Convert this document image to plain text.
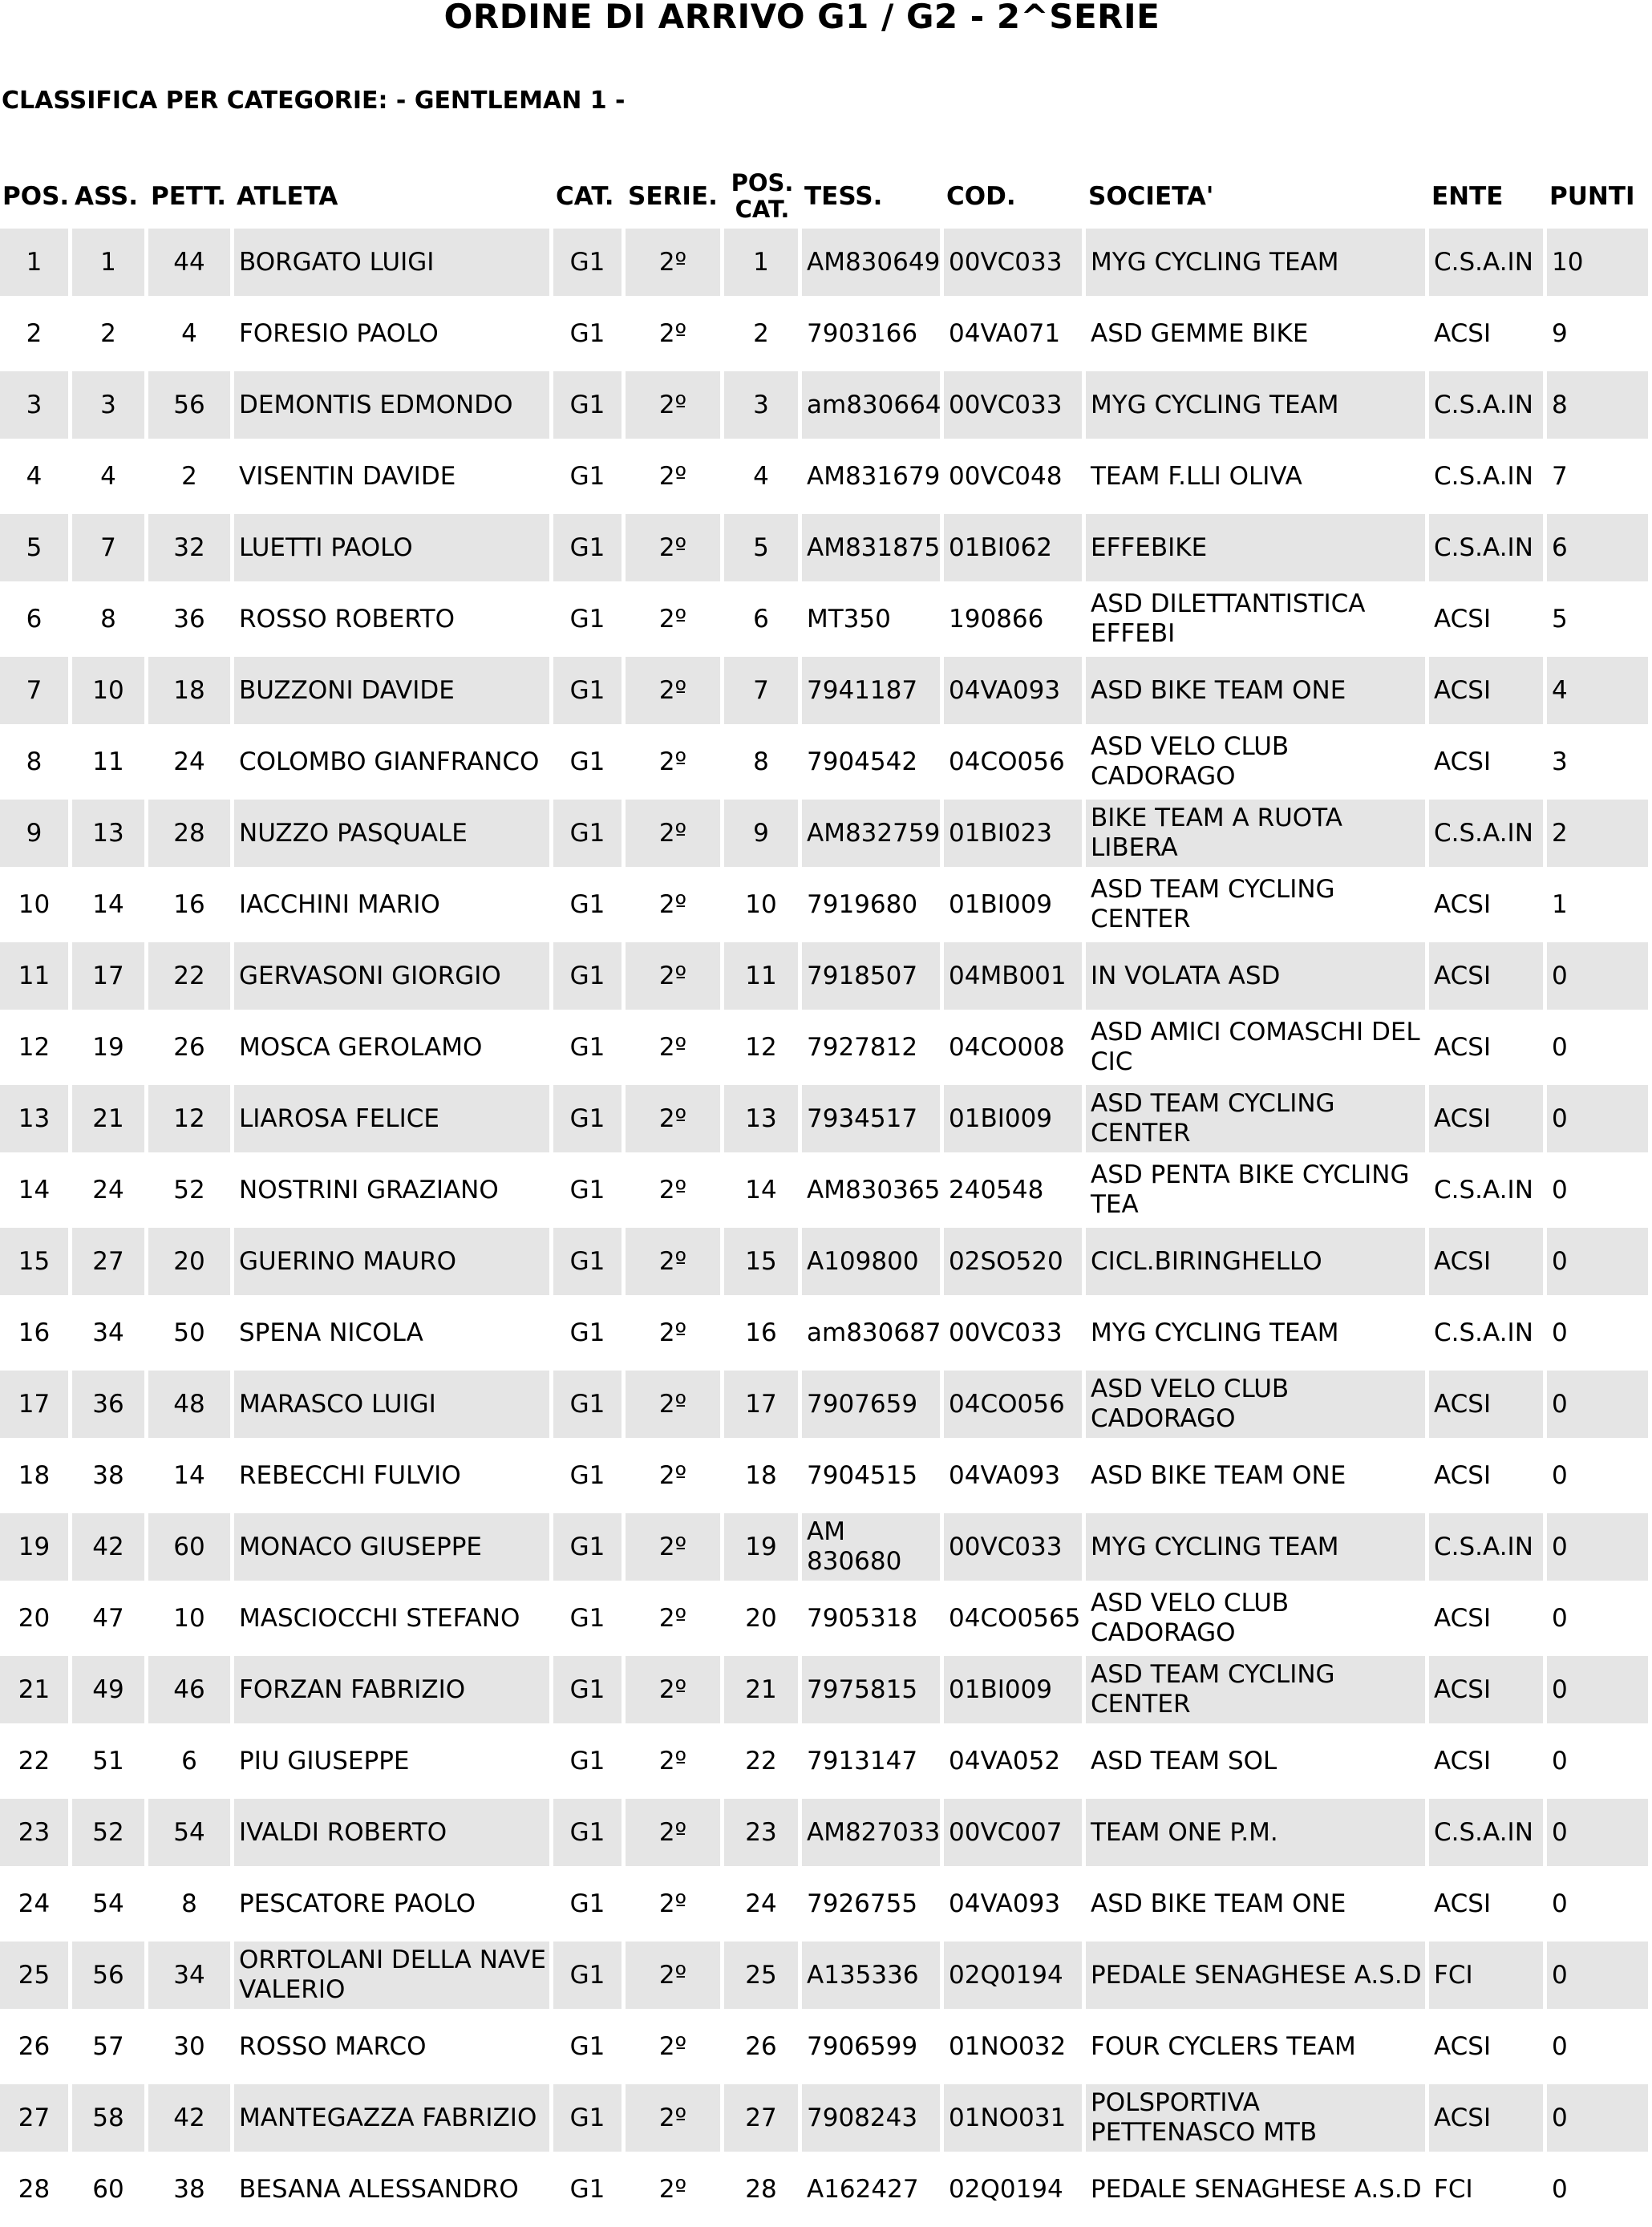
ORDINE DI ARRIVO G1 / G2 - 2^SERIE
CLASSIFICA PER CATEGORIE: - GENTLEMAN 1 -
POS.	ASS.	PETT.	ATLETA	CAT.	SERIE.	POS. CAT.	TESS.	COD.	SOCIETA'	ENTE	PUNTI
1	1	44	BORGATO LUIGI	G1	2º	1	AM830649	00VC033	MYG CYCLING TEAM	C.S.A.IN	10
2	2	4	FORESIO PAOLO	G1	2º	2	7903166	04VA071	ASD GEMME BIKE	ACSI	9
3	3	56	DEMONTIS EDMONDO	G1	2º	3	am830664	00VC033	MYG CYCLING TEAM	C.S.A.IN	8
4	4	2	VISENTIN DAVIDE	G1	2º	4	AM831679	00VC048	TEAM F.LLI OLIVA	C.S.A.IN	7
5	7	32	LUETTI PAOLO	G1	2º	5	AM831875	01BI062	EFFEBIKE	C.S.A.IN	6
6	8	36	ROSSO ROBERTO	G1	2º	6	MT350	190866	ASD DILETTANTISTICA EFFEBI	ACSI	5
7	10	18	BUZZONI DAVIDE	G1	2º	7	7941187	04VA093	ASD BIKE TEAM ONE	ACSI	4
8	11	24	COLOMBO GIANFRANCO	G1	2º	8	7904542	04CO056	ASD VELO CLUB CADORAGO	ACSI	3
9	13	28	NUZZO PASQUALE	G1	2º	9	AM832759	01BI023	BIKE TEAM A RUOTA LIBERA	C.S.A.IN	2
10	14	16	IACCHINI MARIO	G1	2º	10	7919680	01BI009	ASD TEAM CYCLING CENTER	ACSI	1
11	17	22	GERVASONI GIORGIO	G1	2º	11	7918507	04MB001	IN VOLATA ASD	ACSI	0
12	19	26	MOSCA GEROLAMO	G1	2º	12	7927812	04CO008	ASD AMICI COMASCHI DEL CIC	ACSI	0
13	21	12	LIAROSA FELICE	G1	2º	13	7934517	01BI009	ASD TEAM CYCLING CENTER	ACSI	0
14	24	52	NOSTRINI GRAZIANO	G1	2º	14	AM830365	240548	ASD PENTA BIKE CYCLING TEA	C.S.A.IN	0
15	27	20	GUERINO MAURO	G1	2º	15	A109800	02SO520	CICL.BIRINGHELLO	ACSI	0
16	34	50	SPENA NICOLA	G1	2º	16	am830687	00VC033	MYG CYCLING TEAM	C.S.A.IN	0
17	36	48	MARASCO LUIGI	G1	2º	17	7907659	04CO056	ASD VELO CLUB CADORAGO	ACSI	0
18	38	14	REBECCHI FULVIO	G1	2º	18	7904515	04VA093	ASD BIKE TEAM ONE	ACSI	0
19	42	60	MONACO GIUSEPPE	G1	2º	19	AM 830680	00VC033	MYG CYCLING TEAM	C.S.A.IN	0
20	47	10	MASCIOCCHI STEFANO	G1	2º	20	7905318	04CO0565	ASD VELO CLUB CADORAGO	ACSI	0
21	49	46	FORZAN FABRIZIO	G1	2º	21	7975815	01BI009	ASD TEAM CYCLING CENTER	ACSI	0
22	51	6	PIU GIUSEPPE	G1	2º	22	7913147	04VA052	ASD TEAM SOL	ACSI	0
23	52	54	IVALDI ROBERTO	G1	2º	23	AM827033	00VC007	TEAM ONE P.M.	C.S.A.IN	0
24	54	8	PESCATORE PAOLO	G1	2º	24	7926755	04VA093	ASD BIKE TEAM ONE	ACSI	0
25	56	34	ORRTOLANI DELLA NAVE VALERIO	G1	2º	25	A135336	02Q0194	PEDALE SENAGHESE A.S.D	FCI	0
26	57	30	ROSSO MARCO	G1	2º	26	7906599	01NO032	FOUR CYCLERS TEAM	ACSI	0
27	58	42	MANTEGAZZA FABRIZIO	G1	2º	27	7908243	01NO031	POLSPORTIVA PETTENASCO MTB	ACSI	0
28	60	38	BESANA ALESSANDRO	G1	2º	28	A162427	02Q0194	PEDALE SENAGHESE A.S.D	FCI	0
